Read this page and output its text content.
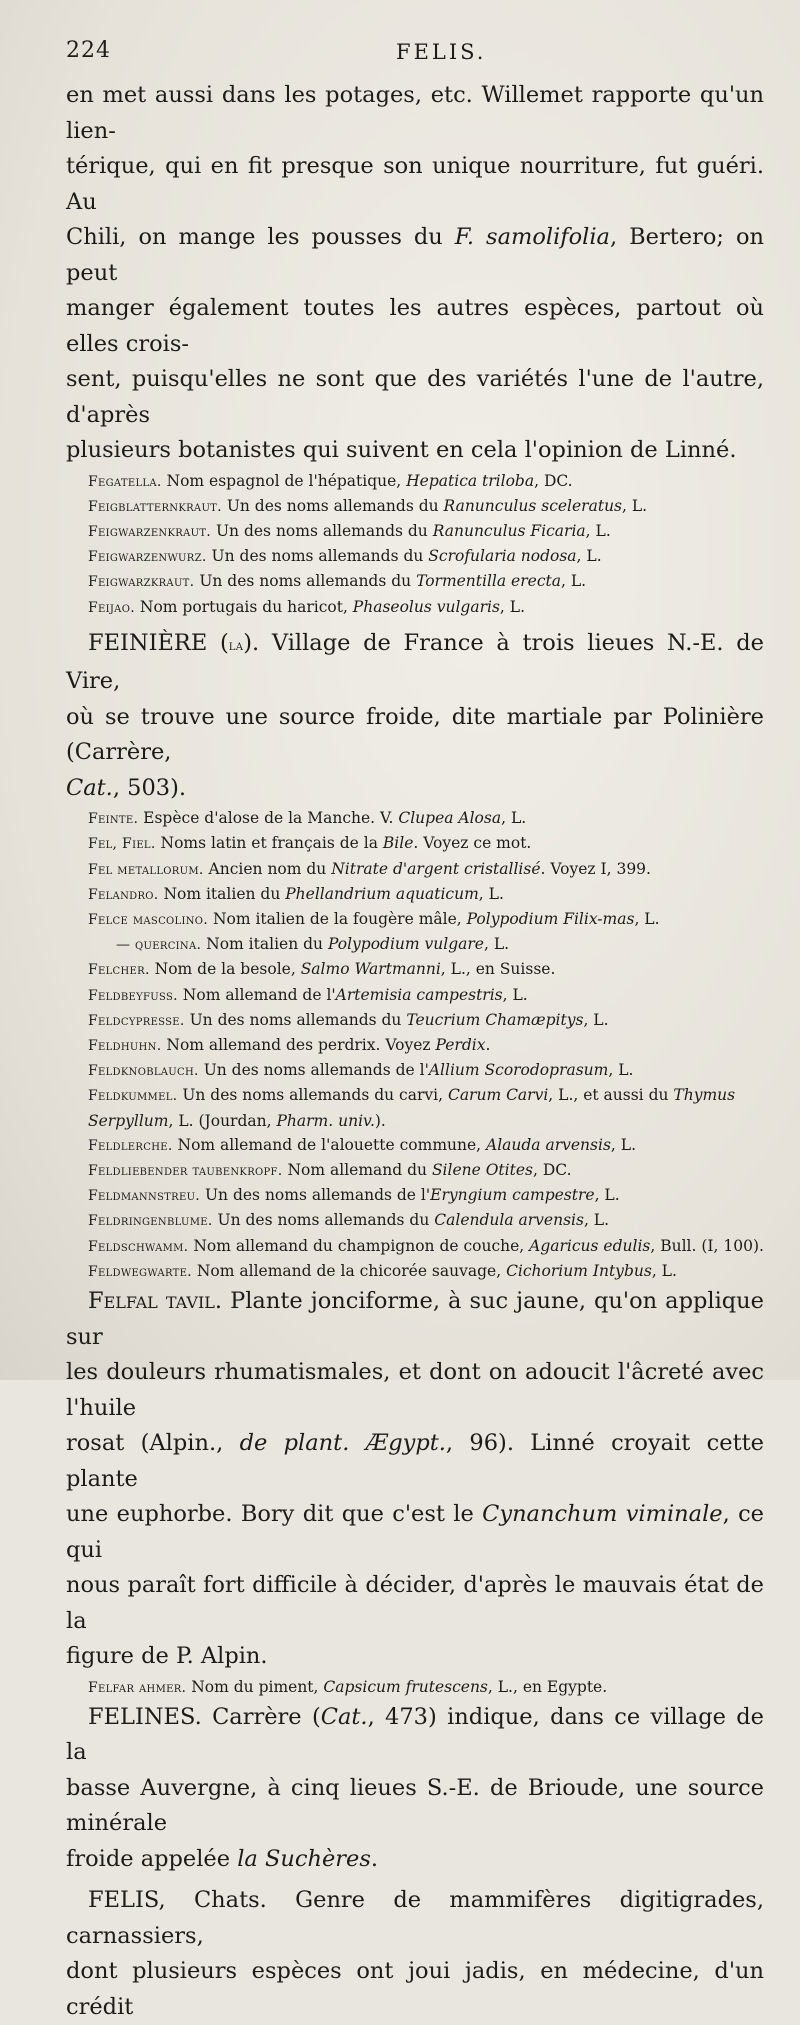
224	FELIS.

en met aussi dans les potages, etc. Willemet rapporte qu'un lien-

térique, qui en fit presque son unique nourriture, fut guéri. Au

Chili, on mange les pousses du F. samolifolia, Bertero; on peut

manger également toutes les autres espèces, partout où elles crois-

sent, puisqu'elles ne sont que des variétés l'une de l'autre, d'après

plusieurs botanistes qui suivent en cela l'opinion de Linné.

Fegatella. Nom espagnol de l'hépatique, Hepatica triloba, DC.

Feigblatternkraut. Un des noms allemands du Ranunculus sceleratus, L.

Feigwarzenkraut. Un des noms allemands du Ranunculus Ficaria, L.

Feigwarzenwurz. Un des noms allemands du Scrofularia nodosa, L.

Feigwarzkraut. Un des noms allemands du Tormentilla erecta, L.

Feijao. Nom portugais du haricot, Phaseolus vulgaris, L.

FEINIÈRE (la). Village de France à trois lieues N.-E. de Vire,

où se trouve une source froide, dite martiale par Polinière (Carrère,

Cat., 503).

Feinte. Espèce d'alose de la Manche. V. Clupea Alosa, L.

Fel, Fiel. Noms latin et français de la Bile. Voyez ce mot.

Fel metallorum. Ancien nom du Nitrate d'argent cristallisé. Voyez I, 399.

Felandro. Nom italien du Phellandrium aquaticum, L.

Felce mascolino. Nom italien de la fougère mâle, Polypodium Filix-mas, L.

— quercina. Nom italien du Polypodium vulgare, L.

Felcher. Nom de la besole, Salmo Wartmanni, L., en Suisse.

Feldbeyfuss. Nom allemand de l'Artemisia campestris, L.

Feldcypresse. Un des noms allemands du Teucrium Chamæpitys, L.

Feldhuhn. Nom allemand des perdrix. Voyez Perdix.

Feldknoblauch. Un des noms allemands de l'Allium Scorodoprasum, L.

Feldkummel. Un des noms allemands du carvi, Carum Carvi, L., et aussi du Thymus Serpyllum, L. (Jourdan, Pharm. univ.).

Feldlerche. Nom allemand de l'alouette commune, Alauda arvensis, L.

Feldliebender taubenkropf. Nom allemand du Silene Otites, DC.

Feldmannstreu. Un des noms allemands de l'Eryngium campestre, L.

Feldringenblume. Un des noms allemands du Calendula arvensis, L.

Feldschwamm. Nom allemand du champignon de couche, Agaricus edulis, Bull. (I, 100).

Feldwegwarte. Nom allemand de la chicorée sauvage, Cichorium Intybus, L.

Felfal tavil. Plante jonciforme, à suc jaune, qu'on applique sur

les douleurs rhumatismales, et dont on adoucit l'âcreté avec l'huile

rosat (Alpin., de plant. Ægypt., 96). Linné croyait cette plante

une euphorbe. Bory dit que c'est le Cynanchum viminale, ce qui

nous paraît fort difficile à décider, d'après le mauvais état de la

figure de P. Alpin.

Felfar ahmer. Nom du piment, Capsicum frutescens, L., en Egypte.

FELINES. Carrère (Cat., 473) indique, dans ce village de la

basse Auvergne, à cinq lieues S.-E. de Brioude, une source minérale

froide appelée la Suchères.

FELIS, Chats. Genre de mammifères digitigrades, carnassiers,

dont plusieurs espèces ont joui jadis, en médecine, d'un crédit
